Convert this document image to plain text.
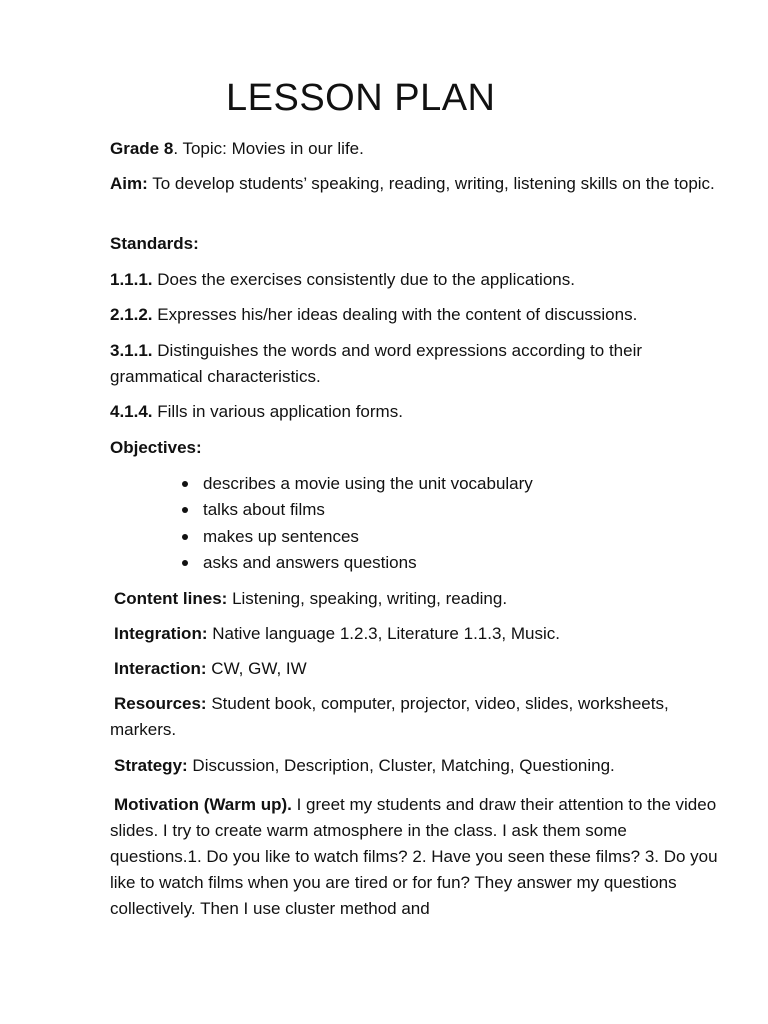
LESSON PLAN

Grade 8. Topic: Movies in our life.

Aim: To develop students’ speaking, reading, writing, listening skills on the topic.

Standards:

1.1.1. Does the exercises consistently due to the applications.

2.1.2. Expresses his/her ideas dealing with the content of discussions.

3.1.1. Distinguishes the words and word expressions according to their grammatical characteristics.

4.1.4. Fills in various application forms.

Objectives:

describes a movie using the unit vocabulary
talks about films
makes up sentences
asks and answers questions

Content lines: Listening, speaking, writing, reading.

Integration: Native language 1.2.3, Literature 1.1.3, Music.

Interaction: CW, GW, IW

Resources: Student book, computer, projector, video, slides, worksheets, markers.

Strategy: Discussion, Description, Cluster, Matching, Questioning.

Motivation (Warm up). I greet my students and draw their attention to the video slides. I try to create warm atmosphere in the class. I ask them some questions.1. Do you like to watch films? 2. Have you seen these films? 3. Do you like to watch films when you are tired or for fun? They answer my questions collectively. Then I use cluster method and
